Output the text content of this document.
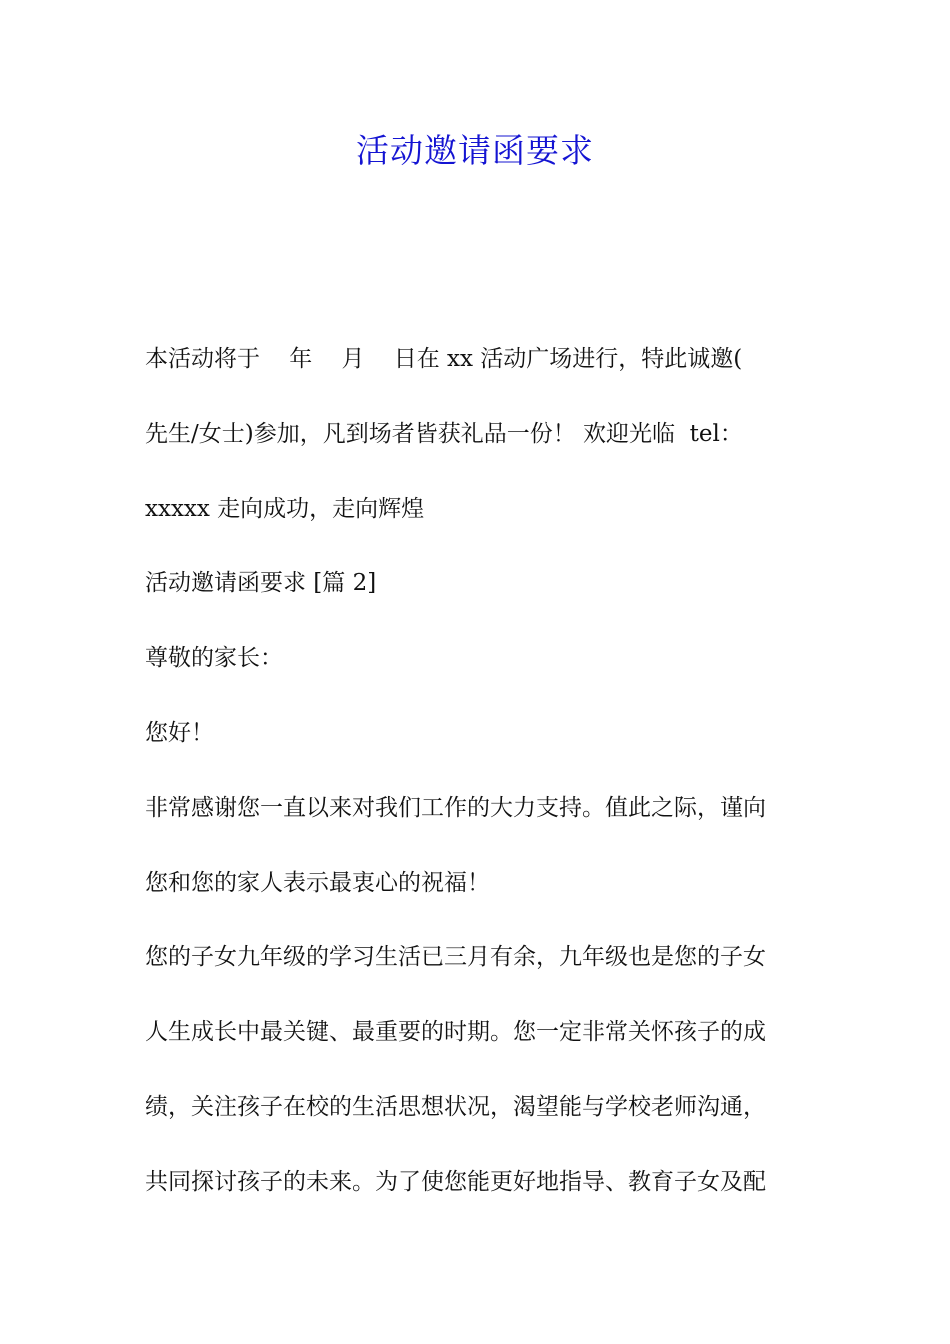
活动邀请函要求
本活动将于    年    月    日在 xx 活动广场进行，特此诚邀(
先生/女士)参加，凡到场者皆获礼品一份！ 欢迎光临  tel：
xxxxx 走向成功，走向辉煌
活动邀请函要求 [篇 2]
尊敬的家长：
您好！
非常感谢您一直以来对我们工作的大力支持。值此之际，谨向
您和您的家人表示最衷心的祝福！
您的子女九年级的学习生活已三月有余，九年级也是您的子女
人生成长中最关键、最重要的时期。您一定非常关怀孩子的成
绩，关注孩子在校的生活思想状况，渴望能与学校老师沟通，
共同探讨孩子的未来。为了使您能更好地指导、教育子女及配
